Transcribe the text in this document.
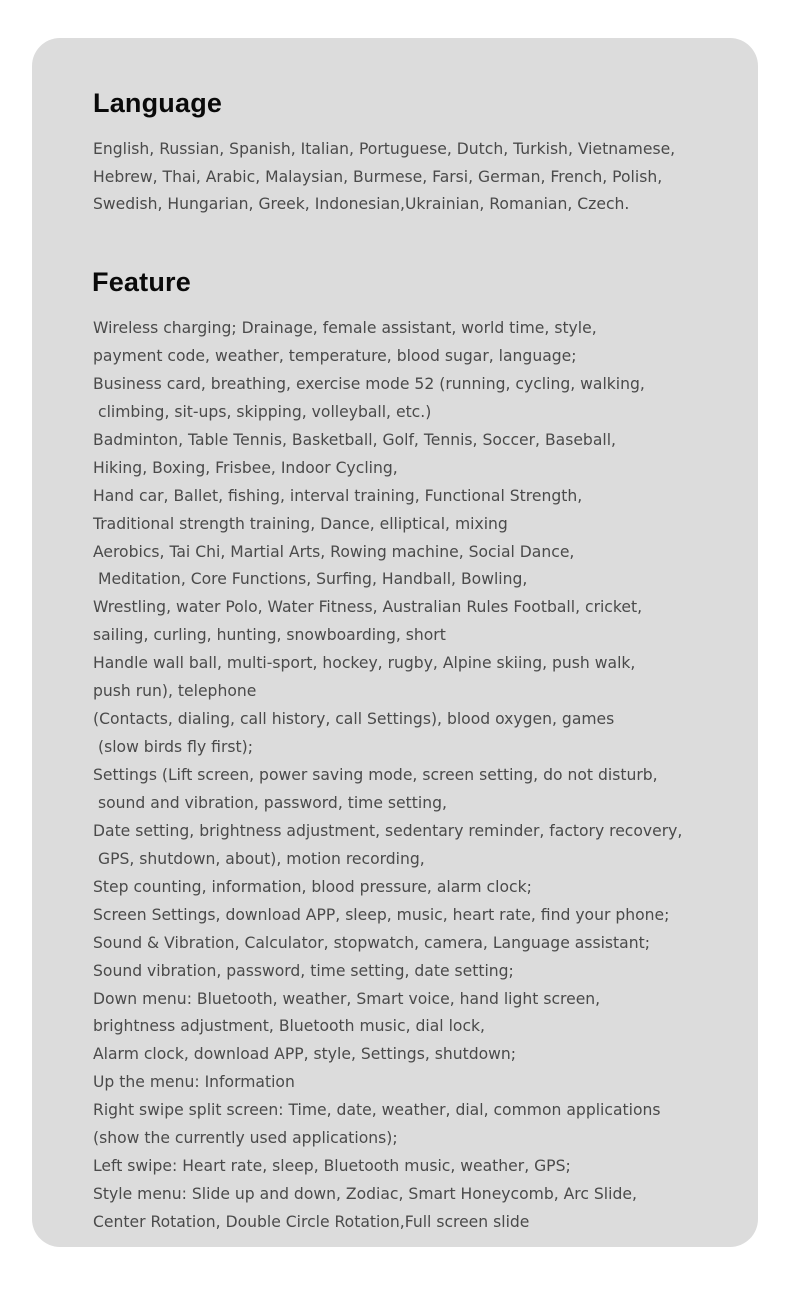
Language
English, Russian, Spanish, Italian, Portuguese, Dutch, Turkish, Vietnamese,
Hebrew, Thai, Arabic, Malaysian, Burmese, Farsi, German, French, Polish,
Swedish, Hungarian, Greek, Indonesian,Ukrainian, Romanian, Czech.
Feature
Wireless charging; Drainage, female assistant, world time, style,
payment code, weather, temperature, blood sugar, language;
Business card, breathing, exercise mode 52 (running, cycling, walking,
climbing, sit-ups, skipping, volleyball, etc.)
Badminton, Table Tennis, Basketball, Golf, Tennis, Soccer, Baseball,
Hiking, Boxing, Frisbee, Indoor Cycling,
Hand car, Ballet, fishing, interval training, Functional Strength,
Traditional strength training, Dance, elliptical, mixing
Aerobics, Tai Chi, Martial Arts, Rowing machine, Social Dance,
Meditation, Core Functions, Surfing, Handball, Bowling,
Wrestling, water Polo, Water Fitness, Australian Rules Football, cricket,
sailing, curling, hunting, snowboarding, short
Handle wall ball, multi-sport, hockey, rugby, Alpine skiing, push walk,
push run), telephone
(Contacts, dialing, call history, call Settings), blood oxygen, games
(slow birds fly first);
Settings (Lift screen, power saving mode, screen setting, do not disturb,
sound and vibration, password, time setting,
Date setting, brightness adjustment, sedentary reminder, factory recovery,
GPS, shutdown, about), motion recording,
Step counting, information, blood pressure, alarm clock;
Screen Settings, download APP, sleep, music, heart rate, find your phone;
Sound & Vibration, Calculator, stopwatch, camera, Language assistant;
Sound vibration, password, time setting, date setting;
Down menu: Bluetooth, weather, Smart voice, hand light screen,
brightness adjustment, Bluetooth music, dial lock,
Alarm clock, download APP, style, Settings, shutdown;
Up the menu: Information
Right swipe split screen: Time, date, weather, dial, common applications
(show the currently used applications);
Left swipe: Heart rate, sleep, Bluetooth music, weather, GPS;
Style menu: Slide up and down, Zodiac, Smart Honeycomb, Arc Slide,
Center Rotation, Double Circle Rotation,Full screen slide
